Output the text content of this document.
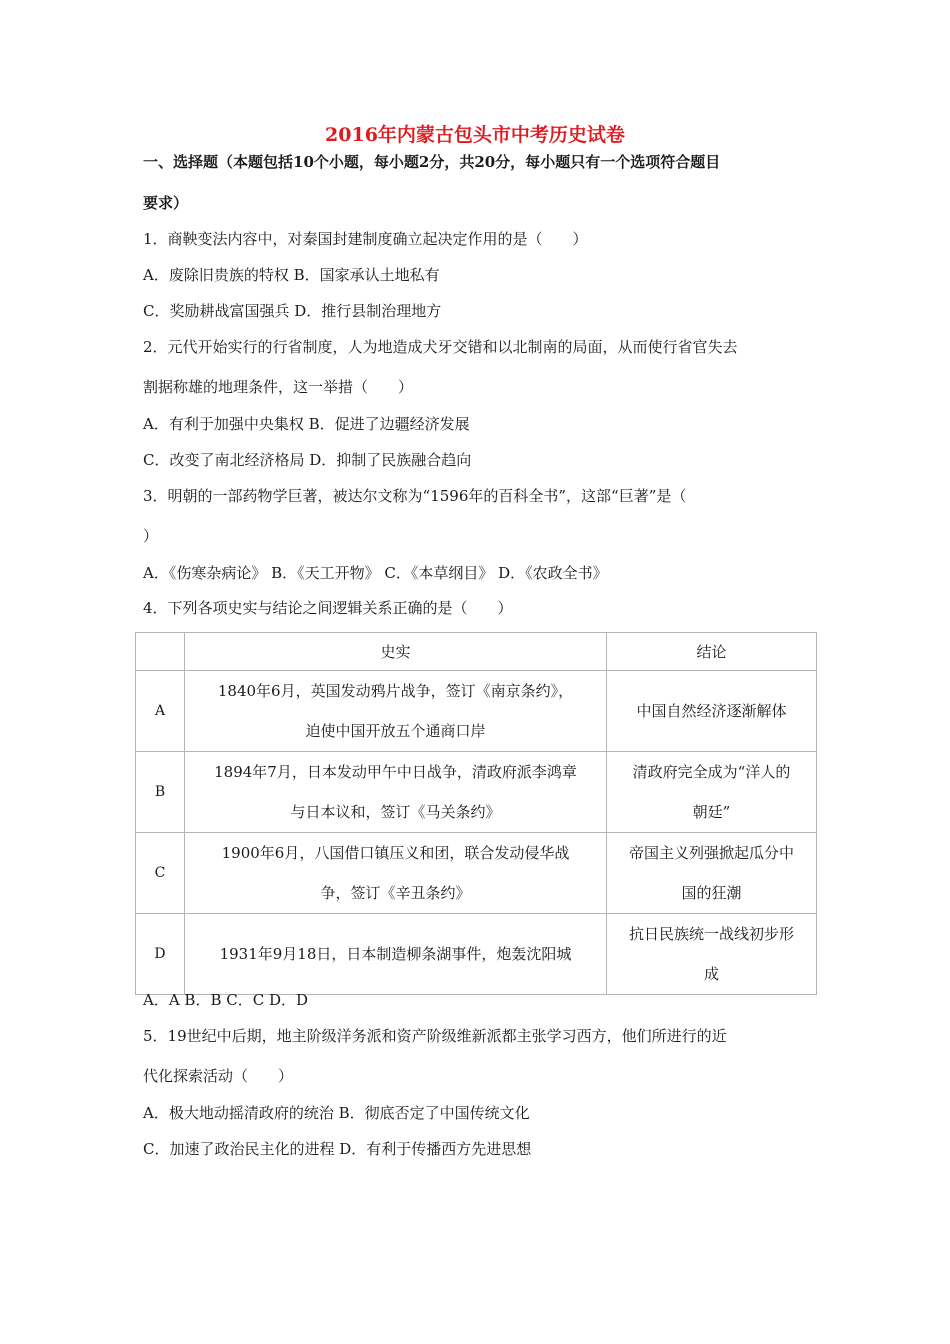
2016年内蒙古包头市中考历史试卷
一、选择题（本题包括10个小题，每小题2分，共20分，每小题只有一个选项符合题目
要求）
1．商鞅变法内容中，对秦国封建制度确立起决定作用的是（　　）
A．废除旧贵族的特权 B．国家承认土地私有
C．奖励耕战富国强兵 D．推行县制治理地方
2．元代开始实行的行省制度，人为地造成犬牙交错和以北制南的局面，从而使行省官失去
割据称雄的地理条件，这一举措（　　）
A．有利于加强中央集权 B．促进了边疆经济发展
C．改变了南北经济格局 D．抑制了民族融合趋向
3．明朝的一部药物学巨著，被达尔文称为“1596年的百科全书”，这部“巨著”是（
）
A．《伤寒杂病论》 B．《天工开物》 C．《本草纲目》 D．《农政全书》
4．下列各项史实与结论之间逻辑关系正确的是（　　）
	史实	结论
A	1840年6月，英国发动鸦片战争，签订《南京条约》，
迫使中国开放五个通商口岸	中国自然经济逐渐解体
B	1894年7月，日本发动甲午中日战争，清政府派李鸿章
与日本议和，签订《马关条约》	清政府完全成为“洋人的
朝廷”
C	1900年6月，八国借口镇压义和团，联合发动侵华战
争，签订《辛丑条约》	帝国主义列强掀起瓜分中
国的狂潮
D	1931年9月18日，日本制造柳条湖事件，炮轰沈阳城	抗日民族统一战线初步形
成
A．A B．B C．C D．D
5．19世纪中后期，地主阶级洋务派和资产阶级维新派都主张学习西方，他们所进行的近
代化探索活动（　　）
A．极大地动摇清政府的统治 B．彻底否定了中国传统文化
C．加速了政治民主化的进程 D．有利于传播西方先进思想
